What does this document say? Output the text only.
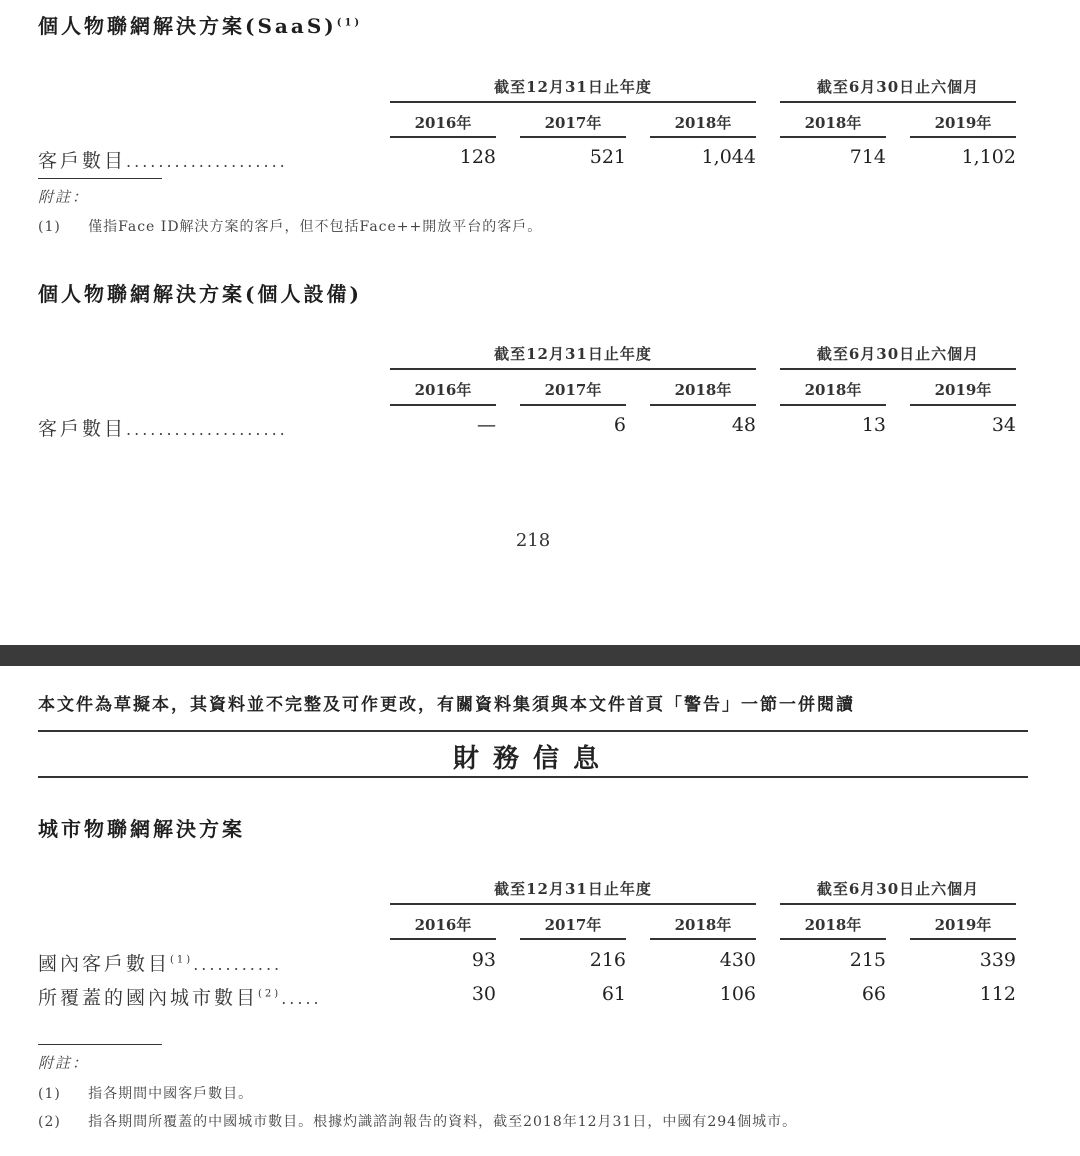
個人物聯網解決方案(SaaS)$^{(1)}$
截至12月31日止年度	截至6月30日止六個月
2016年	2017年	2018年	2018年	2019年
客戶數目....................	128	521	1,044	714	1,102
附註：
(1) 僅指Face ID解決方案的客戶，但不包括Face++開放平台的客戶。
個人物聯網解決方案(個人設備)
截至12月31日止年度	截至6月30日止六個月
2016年	2017年	2018年	2018年	2019年
客戶數目....................	—	6	48	13	34
218
本文件為草擬本，其資料並不完整及可作更改，有關資料集須與本文件首頁「警告」一節一併閱讀
財務信息
城市物聯網解決方案
截至12月31日止年度	截至6月30日止六個月
2016年	2017年	2018年	2018年	2019年
國內客戶數目$^{(1)}$...........	93	216	430	215	339
所覆蓋的國內城市數目$^{(2)}$.....	30	61	106	66	112
附註：
(1) 指各期間中國客戶數目。
(2) 指各期間所覆蓋的中國城市數目。根據灼識諮詢報告的資料，截至2018年12月31日，中國有294個城市。
